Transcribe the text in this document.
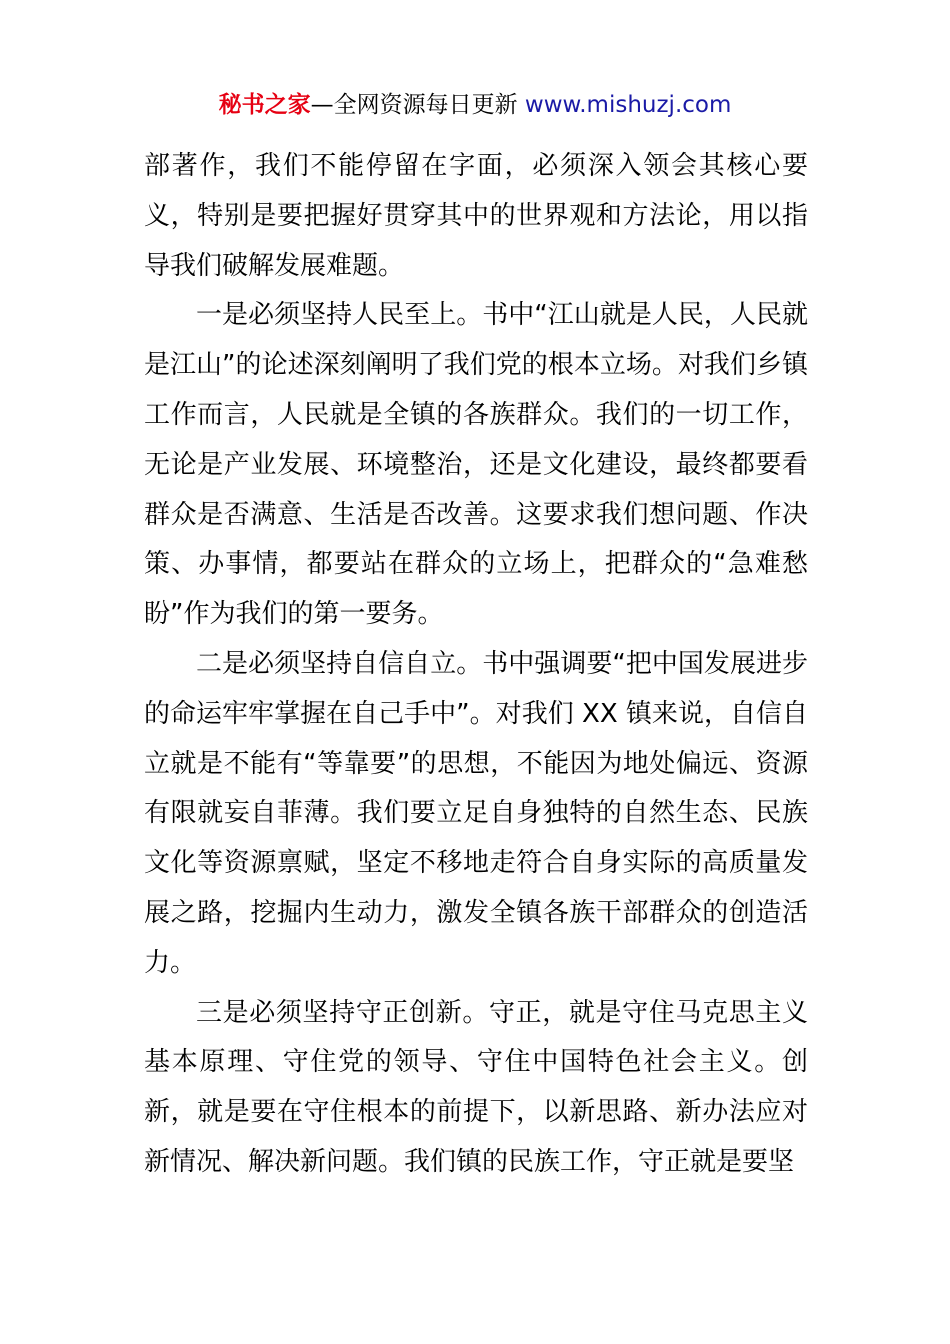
秘书之家—全网资源每日更新 www.mishuzj.com

部著作，我们不能停留在字面，必须深入领会其核心要义，特别是要把握好贯穿其中的世界观和方法论，用以指导我们破解发展难题。

一是必须坚持人民至上。书中“江山就是人民，人民就是江山”的论述深刻阐明了我们党的根本立场。对我们乡镇工作而言，人民就是全镇的各族群众。我们的一切工作，无论是产业发展、环境整治，还是文化建设，最终都要看群众是否满意、生活是否改善。这要求我们想问题、作决策、办事情，都要站在群众的立场上，把群众的“急难愁盼”作为我们的第一要务。

二是必须坚持自信自立。书中强调要“把中国发展进步的命运牢牢掌握在自己手中”。对我们 XX 镇来说，自信自立就是不能有“等靠要”的思想，不能因为地处偏远、资源有限就妄自菲薄。我们要立足自身独特的自然生态、民族文化等资源禀赋，坚定不移地走符合自身实际的高质量发展之路，挖掘内生动力，激发全镇各族干部群众的创造活力。

三是必须坚持守正创新。守正，就是守住马克思主义基本原理、守住党的领导、守住中国特色社会主义。创新，就是要在守住根本的前提下，以新思路、新办法应对新情况、解决新问题。我们镇的民族工作，守正就是要坚
